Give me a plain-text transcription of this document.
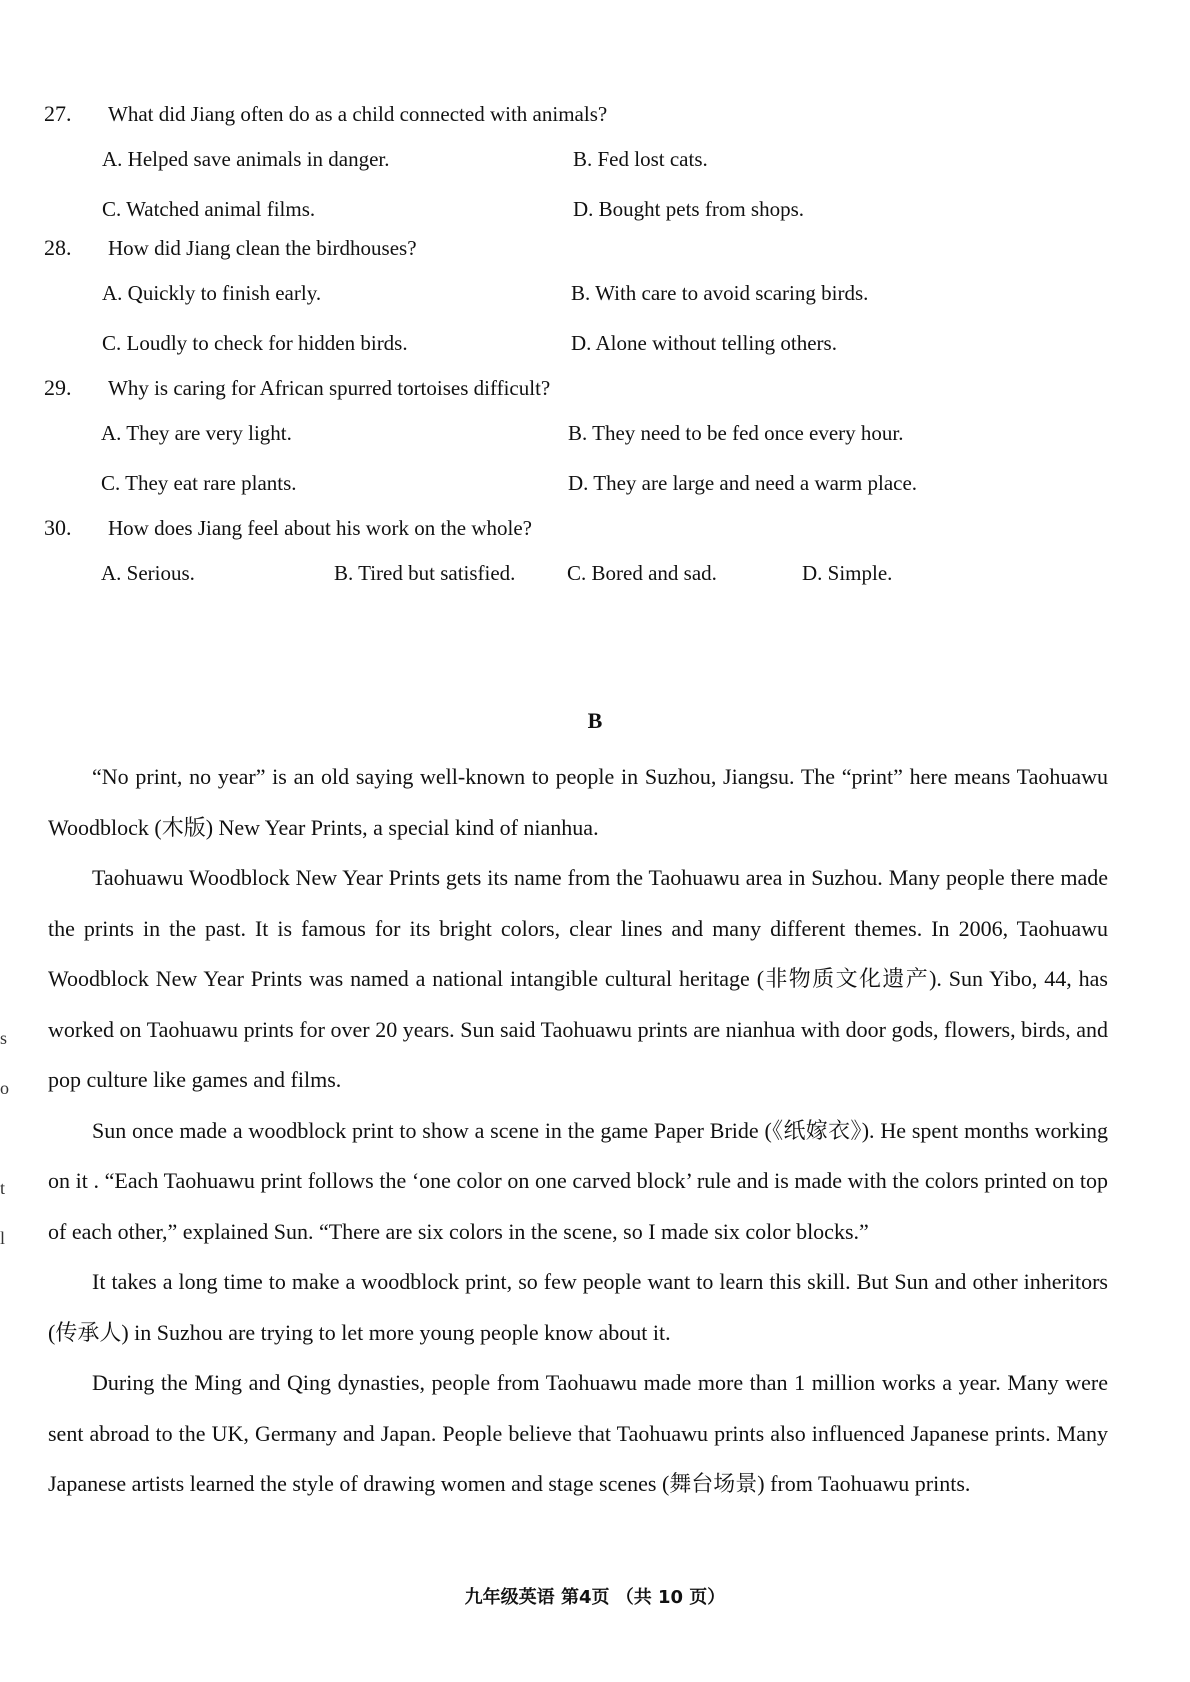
27.	What did Jiang often do as a child connected with animals?
A. Helped save animals in danger.	B. Fed lost cats.
C. Watched animal films.	D. Bought pets from shops.
28.	How did Jiang clean the birdhouses?
A. Quickly to finish early.	B. With care to avoid scaring birds.
C. Loudly to check for hidden birds.	D. Alone without telling others.
29.	Why is caring for African spurred tortoises difficult?
A. They are very light.	B. They need to be fed once every hour.
C. They eat rare plants.	D. They are large and need a warm place.
30.	How does Jiang feel about his work on the whole?
A. Serious.	B. Tired but satisfied. C. Bored and sad.	D. Simple.
B

“No print, no year” is an old saying well-known to people in Suzhou, Jiangsu. The “print” here means Taohuawu Woodblock (木版) New Year Prints, a special kind of nianhua.

Taohuawu Woodblock New Year Prints gets its name from the Taohuawu area in Suzhou. Many people there made the prints in the past. It is famous for its bright colors, clear lines and many different themes. In 2006, Taohuawu Woodblock New Year Prints was named a national intangible cultural heritage (非物质文化遗产). Sun Yibo, 44, has worked on Taohuawu prints for over 20 years. Sun said Taohuawu prints are nianhua with door gods, flowers, birds, and pop culture like games and films.

Sun once made a woodblock print to show a scene in the game Paper Bride (《纸嫁衣》). He spent months working on it . “Each Taohuawu print follows the ‘one color on one carved block’ rule and is made with the colors printed on top of each other,” explained Sun. “There are six colors in the scene, so I made six color blocks.”

It takes a long time to make a woodblock print, so few people want to learn this skill. But Sun and other inheritors (传承人) in Suzhou are trying to let more young people know about it.

During the Ming and Qing dynasties, people from Taohuawu made more than 1 million works a year. Many were sent abroad to the UK, Germany and Japan. People believe that Taohuawu prints also influenced Japanese prints. Many Japanese artists learned the style of drawing women and stage scenes (舞台场景) from Taohuawu prints.

s
o
t
l
九年级英语 第4页 （共 10 页）
